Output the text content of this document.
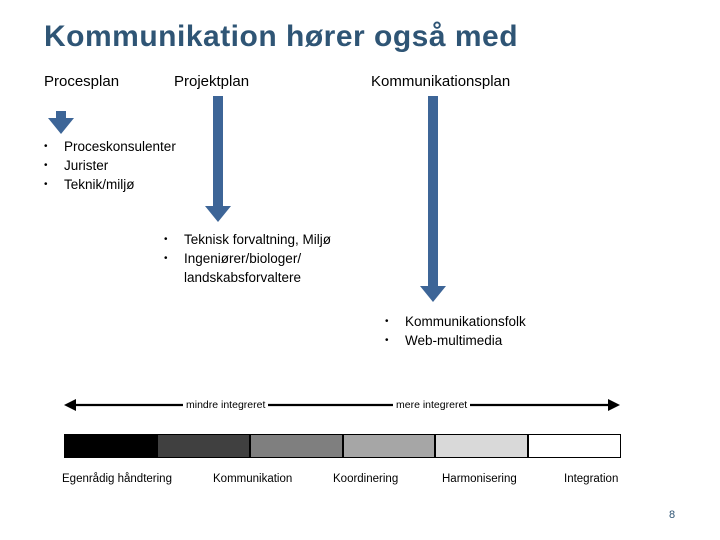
Kommunikation hører også med
Procesplan	Projektplan	Kommunikationsplan
•	Proceskonsulenter
•	Jurister
•	Teknik/miljø
•	Teknisk forvaltning, Miljø
•	Ingeniører/biologer/ landskabsforvaltere
•	Kommunikationsfolk
•	Web-multimedia
mindre integreret	mere integreret
Egenrådig håndtering	Kommunikation	Koordinering	Harmonisering	Integration
8
